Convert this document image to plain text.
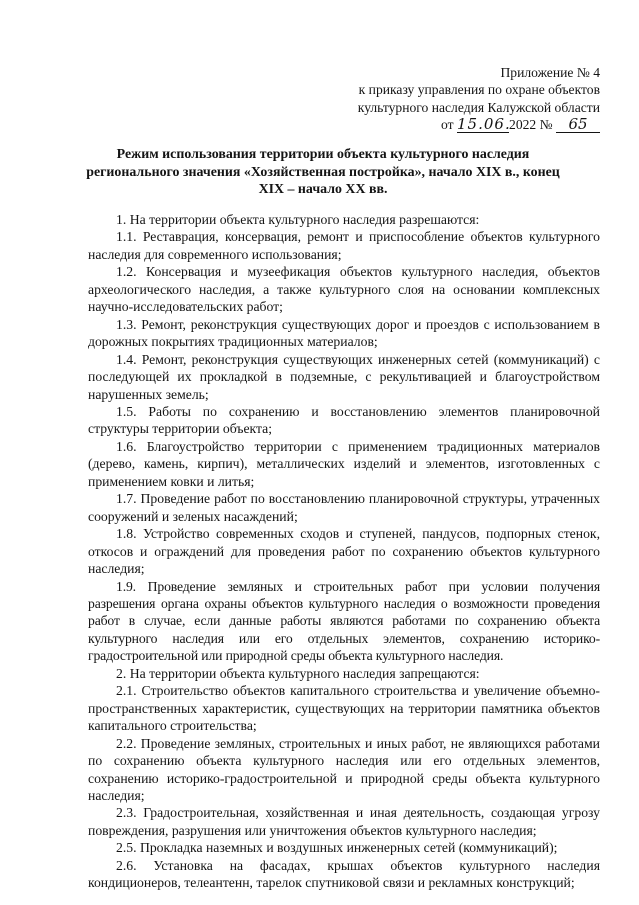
Приложение № 4
к приказу управления по охране объектов
культурного наследия Калужской области
от 15.06.2022 № 65
Режим использования территории объекта культурного наследия регионального значения «Хозяйственная постройка», начало XIX в., конец XIX – начало XX вв.

1. На территории объекта культурного наследия разрешаются:

1.1. Реставрация, консервация, ремонт и приспособление объектов культурного наследия для современного использования;

1.2. Консервация и музеефикация объектов культурного наследия, объектов археологического наследия, а также культурного слоя на основании комплексных научно-исследовательских работ;

1.3. Ремонт, реконструкция существующих дорог и проездов с использованием в дорожных покрытиях традиционных материалов;

1.4. Ремонт, реконструкция существующих инженерных сетей (коммуникаций) с последующей их прокладкой в подземные, с рекультивацией и благоустройством нарушенных земель;

1.5. Работы по сохранению и восстановлению элементов планировочной структуры территории объекта;

1.6. Благоустройство территории с применением традиционных материалов (дерево, камень, кирпич), металлических изделий и элементов, изготовленных с применением ковки и литья;

1.7. Проведение работ по восстановлению планировочной структуры, утраченных сооружений и зеленых насаждений;

1.8. Устройство современных сходов и ступеней, пандусов, подпорных стенок, откосов и ограждений для проведения работ по сохранению объектов культурного наследия;

1.9. Проведение земляных и строительных работ при условии получения разрешения органа охраны объектов культурного наследия о возможности проведения работ в случае, если данные работы являются работами по сохранению объекта культурного наследия или его отдельных элементов, сохранению историко-градостроительной или природной среды объекта культурного наследия.

2. На территории объекта культурного наследия запрещаются:

2.1. Строительство объектов капитального строительства и увеличение объемно-пространственных характеристик, существующих на территории памятника объектов капитального строительства;

2.2. Проведение земляных, строительных и иных работ, не являющихся работами по сохранению объекта культурного наследия или его отдельных элементов, сохранению историко-градостроительной и природной среды объекта культурного наследия;

2.3. Градостроительная, хозяйственная и иная деятельность, создающая угрозу повреждения, разрушения или уничтожения объектов культурного наследия;

2.5. Прокладка наземных и воздушных инженерных сетей (коммуникаций);

2.6. Установка на фасадах, крышах объектов культурного наследия кондиционеров, телеантенн, тарелок спутниковой связи и рекламных конструкций;
